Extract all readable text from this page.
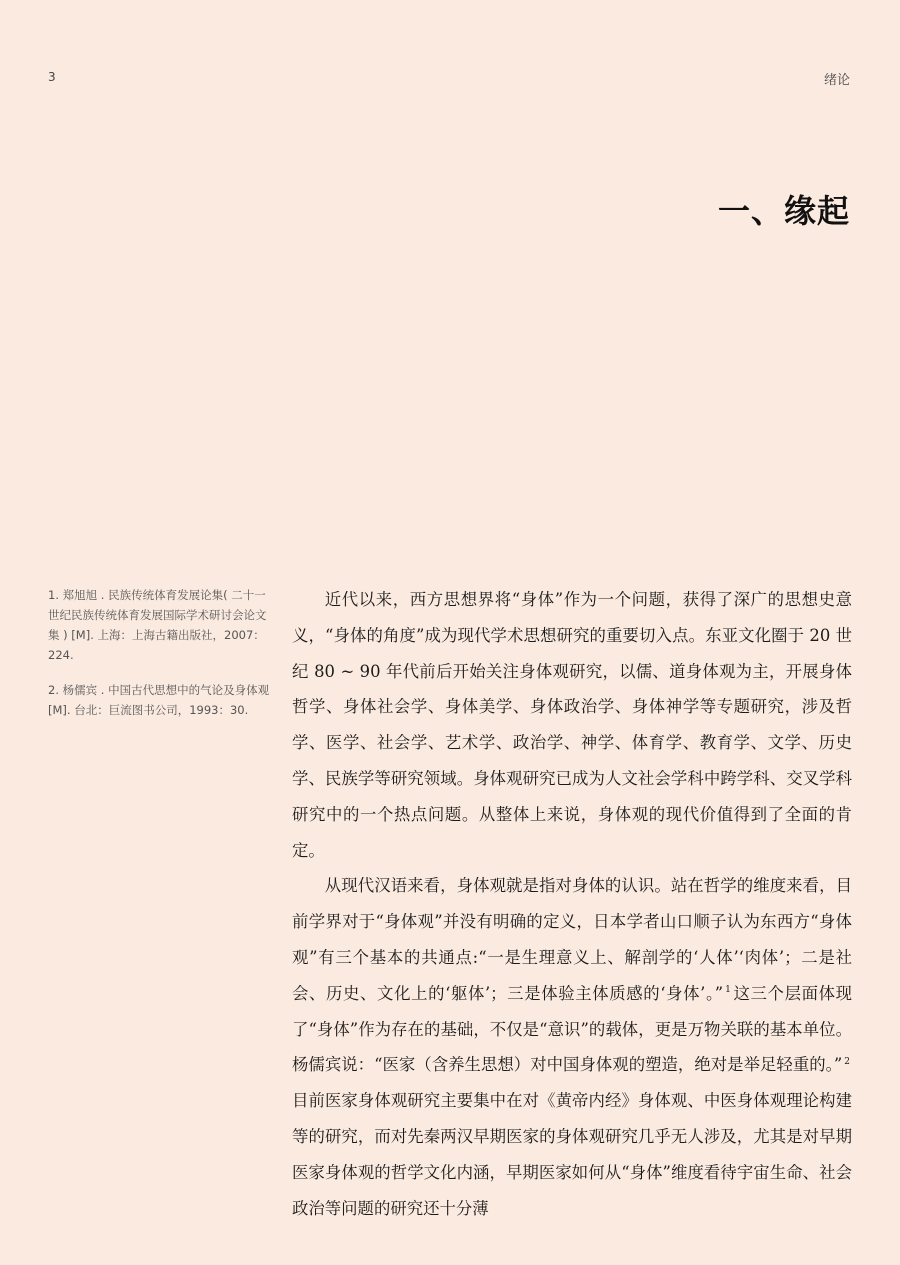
3	绪论
一、缘起

1. 郑旭旭 . 民族传统体育发展论集( 二十一世纪民族传统体育发展国际学术研讨会论文集 ) [M]. 上海：上海古籍出版社，2007：224.

2. 杨儒宾 . 中国古代思想中的气论及身体观 [M]. 台北：巨流图书公司，1993：30.

近代以来，西方思想界将“身体”作为一个问题，获得了深广的思想史意义，“身体的角度”成为现代学术思想研究的重要切入点。东亚文化圈于 20 世纪 80 ~ 90 年代前后开始关注身体观研究，以儒、道身体观为主，开展身体哲学、身体社会学、身体美学、身体政治学、身体神学等专题研究，涉及哲学、医学、社会学、艺术学、政治学、神学、体育学、教育学、文学、历史学、民族学等研究领域。身体观研究已成为人文社会学科中跨学科、交叉学科研究中的一个热点问题。从整体上来说，身体观的现代价值得到了全面的肯定。

从现代汉语来看，身体观就是指对身体的认识。站在哲学的维度来看，目前学界对于“身体观”并没有明确的定义，日本学者山口顺子认为东西方“身体观”有三个基本的共通点:“一是生理意义上、解剖学的‘人体’‘肉体’；二是社会、历史、文化上的‘躯体’；三是体验主体质感的‘身体’。” $^1$ 这三个层面体现了“身体”作为存在的基础，不仅是“意识”的载体，更是万物关联的基本单位。杨儒宾说：“医家（含养生思想）对中国身体观的塑造，绝对是举足轻重的。” $^2$目前医家身体观研究主要集中在对《黄帝内经》身体观、中医身体观理论构建等的研究，而对先秦两汉早期医家的身体观研究几乎无人涉及，尤其是对早期医家身体观的哲学文化内涵，早期医家如何从“身体”维度看待宇宙生命、社会政治等问题的研究还十分薄
